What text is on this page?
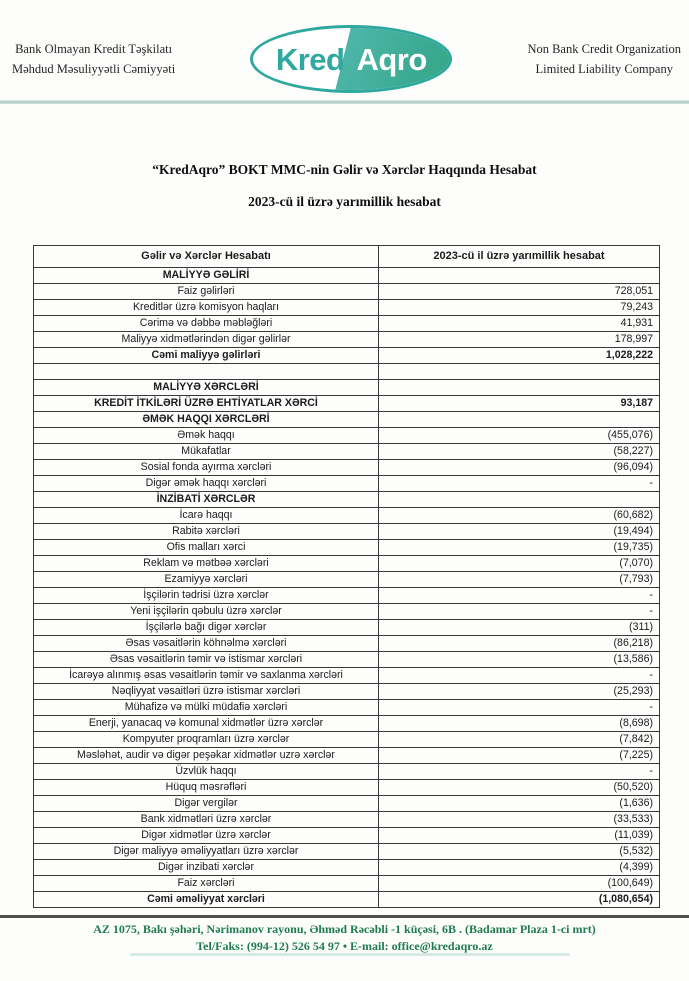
Bank Olmayan Kredit Təşkilatı
Məhdud Məsuliyyətli Cəmiyyəti	Kred Aqro	Non Bank Credit Organization
Limited Liability Company
“KredAqro” BOKT MMC-nin Gəlir və Xərclər Haqqında Hesabat
2023-cü il üzrə yarımillik hesabat
Gəlir və Xərclər Hesabatı	2023-cü il üzrə yarımillik hesabat
MALİYYƏ GƏLİRİ	
Faiz gəlirləri	728,051
Kreditlər üzrə komisyon haqları	79,243
Cərimə və dəbbə məbləğləri	41,931
Maliyyə xidmətlərindən digər gəlirlər	178,997
Cəmi maliyyə gəlirləri	1,028,222

MALİYYƏ XƏRCLƏRİ	
KREDİT İTKİLƏRİ ÜZRƏ EHTİYATLAR XƏRCİ	93,187
ƏMƏK HAQQI XƏRCLƏRİ	
Əmək haqqı	(455,076)
Mükafatlar	(58,227)
Sosial fonda ayırma xərcləri	(96,094)
Digər əmək haqqı xərcləri	-
İNZİBATİ XƏRCLƏR	
İcarə haqqı	(60,682)
Rabitə xərcləri	(19,494)
Ofis malları xərci	(19,735)
Reklam və mətbəə xərcləri	(7,070)
Ezamiyyə xərcləri	(7,793)
İşçilərin tədrisi üzrə xərclər	-
Yeni işçilərin qəbulu üzrə xərclər	-
İşçilərlə bağı digər xərclər	(311)
Əsas vəsaitlərin köhnəlmə xərcləri	(86,218)
Əsas vəsaitlərin təmir və istismar xərcləri	(13,586)
İcarəyə alınmış əsas vəsaitlərin təmir və saxlanma xərcləri	-
Nəqliyyat vəsaitləri üzrə istismar xərcləri	(25,293)
Mühafizə və mülki müdafiə xərcləri	-
Enerji, yanacaq və komunal xidmətlər üzrə xərclər	(8,698)
Kompyuter proqramları üzrə xərclər	(7,842)
Məsləhət, audir və digər peşəkar xidmətlər uzrə xərclər	(7,225)
Üzvlük haqqı	-
Hüquq məsrəfləri	(50,520)
Digər vergilər	(1,636)
Bank xidmətləri üzrə xərclər	(33,533)
Digər xidmətlər üzrə xərclər	(11,039)
Digər maliyyə əməliyyatları üzrə xərclər	(5,532)
Digər inzibati xərclər	(4,399)
Faiz xərcləri	(100,649)
Cəmi əməliyyat xərcləri	(1,080,654)
AZ 1075, Bakı şəhəri, Nərimanov rayonu, Əhməd Rəcəbli -1 küçəsi, 6B . (Badamar Plaza 1-ci mrt)
Tel/Faks: (994-12) 526 54 97 • E-mail: office@kredaqro.az
